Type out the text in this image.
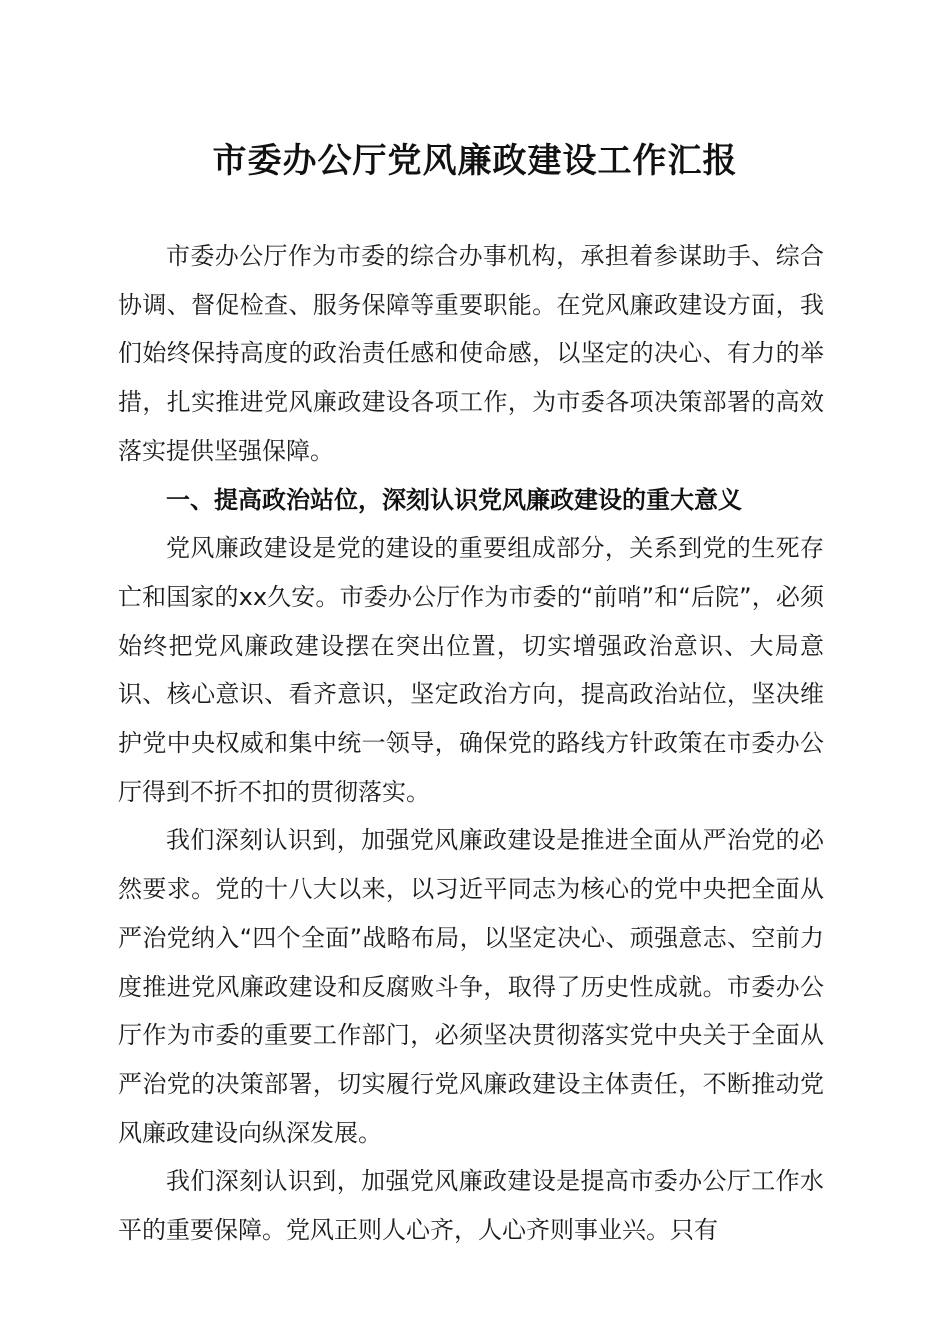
市委办公厅党风廉政建设工作汇报

市委办公厅作为市委的综合办事机构，承担着参谋助手、综合协调、督促检查、服务保障等重要职能。在党风廉政建设方面，我们始终保持高度的政治责任感和使命感，以坚定的决心、有力的举措，扎实推进党风廉政建设各项工作，为市委各项决策部署的高效落实提供坚强保障。

一、提高政治站位，深刻认识党风廉政建设的重大意义

党风廉政建设是党的建设的重要组成部分，关系到党的生死存亡和国家的xx久安。市委办公厅作为市委的“前哨”和“后院”，必须始终把党风廉政建设摆在突出位置，切实增强政治意识、大局意识、核心意识、看齐意识，坚定政治方向，提高政治站位，坚决维护党中央权威和集中统一领导，确保党的路线方针政策在市委办公厅得到不折不扣的贯彻落实。

我们深刻认识到，加强党风廉政建设是推进全面从严治党的必然要求。党的十八大以来，以习近平同志为核心的党中央把全面从严治党纳入“四个全面”战略布局，以坚定决心、顽强意志、空前力度推进党风廉政建设和反腐败斗争，取得了历史性成就。市委办公厅作为市委的重要工作部门，必须坚决贯彻落实党中央关于全面从严治党的决策部署，切实履行党风廉政建设主体责任，不断推动党风廉政建设向纵深发展。

我们深刻认识到，加强党风廉政建设是提高市委办公厅工作水平的重要保障。党风正则人心齐，人心齐则事业兴。只有
